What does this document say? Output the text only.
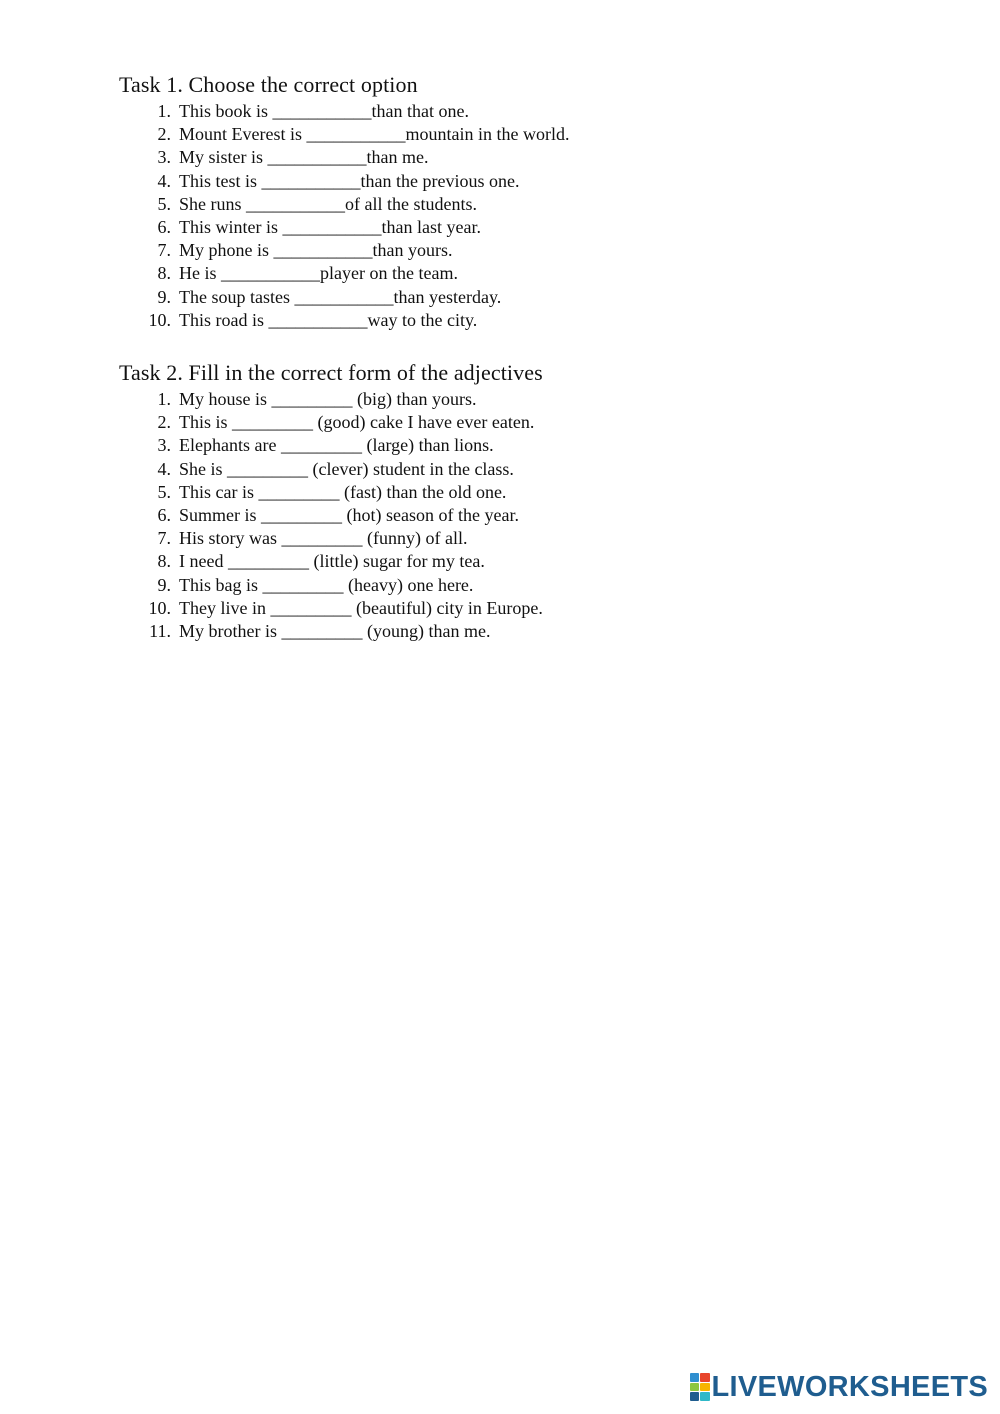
Task 1. Choose the correct option
1. This book is ___________than that one.
2. Mount Everest is ___________mountain in the world.
3. My sister is ___________than me.
4. This test is ___________than the previous one.
5. She runs ___________of all the students.
6. This winter is ___________than last year.
7. My phone is ___________than yours.
8. He is ___________player on the team.
9. The soup tastes ___________than yesterday.
10. This road is ___________way to the city.
Task 2. Fill in the correct form of the adjectives
1. My house is _________ (big) than yours.
2. This is _________ (good) cake I have ever eaten.
3. Elephants are _________ (large) than lions.
4. She is _________ (clever) student in the class.
5. This car is _________ (fast) than the old one.
6. Summer is _________ (hot) season of the year.
7. His story was _________ (funny) of all.
8. I need _________ (little) sugar for my tea.
9. This bag is _________ (heavy) one here.
10. They live in _________ (beautiful) city in Europe.
11. My brother is _________ (young) than me.
LIVEWORKSHEETS
